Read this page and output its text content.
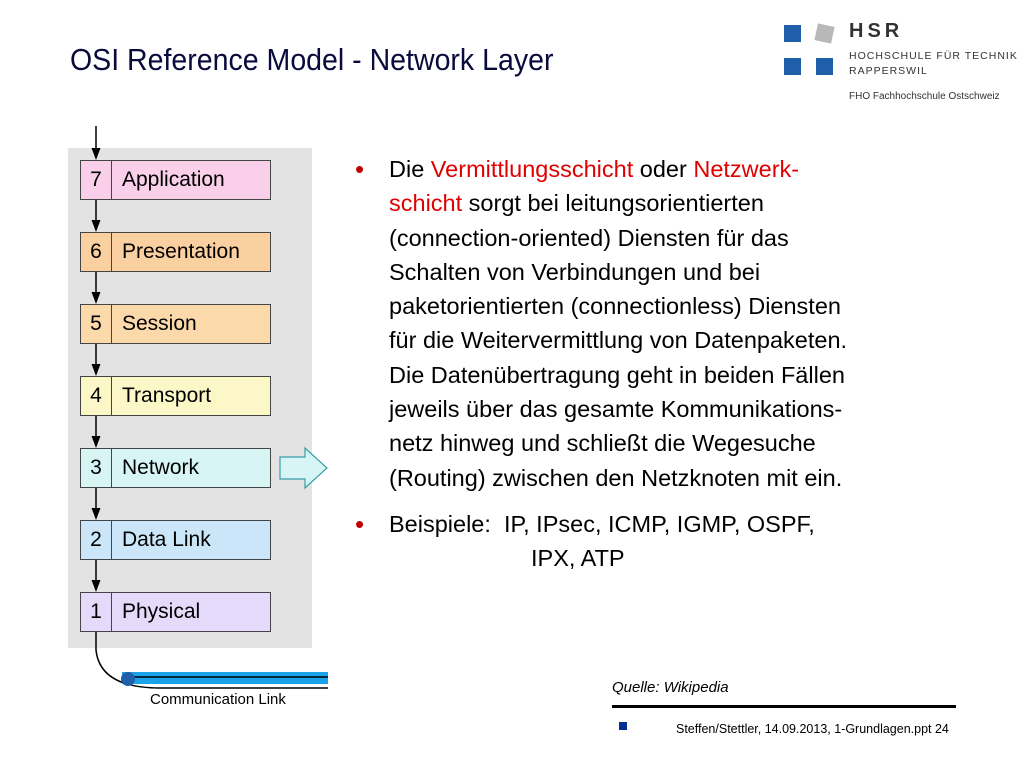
OSI Reference Model - Network Layer
HSR
HOCHSCHULE FÜR TECHNIK
RAPPERSWIL
FHO Fachhochschule Ostschweiz
7 Application
6 Presentation
5 Session
4 Transport
3 Network
2 Data Link
1 Physical
Communication Link
• Die Vermittlungsschicht oder Netzwerk-
schicht sorgt bei leitungsorientierten
(connection-oriented) Diensten für das
Schalten von Verbindungen und bei
paketorientierten (connectionless) Diensten
für die Weitervermittlung von Datenpaketen.
Die Datenübertragung geht in beiden Fällen
jeweils über das gesamte Kommunikations-
netz hinweg und schließt die Wegesuche
(Routing) zwischen den Netzknoten mit ein.
• Beispiele:  IP, IPsec, ICMP, IGMP, OSPF,
IPX, ATP
Quelle: Wikipedia
Steffen/Stettler, 14.09.2013, 1-Grundlagen.ppt 24
